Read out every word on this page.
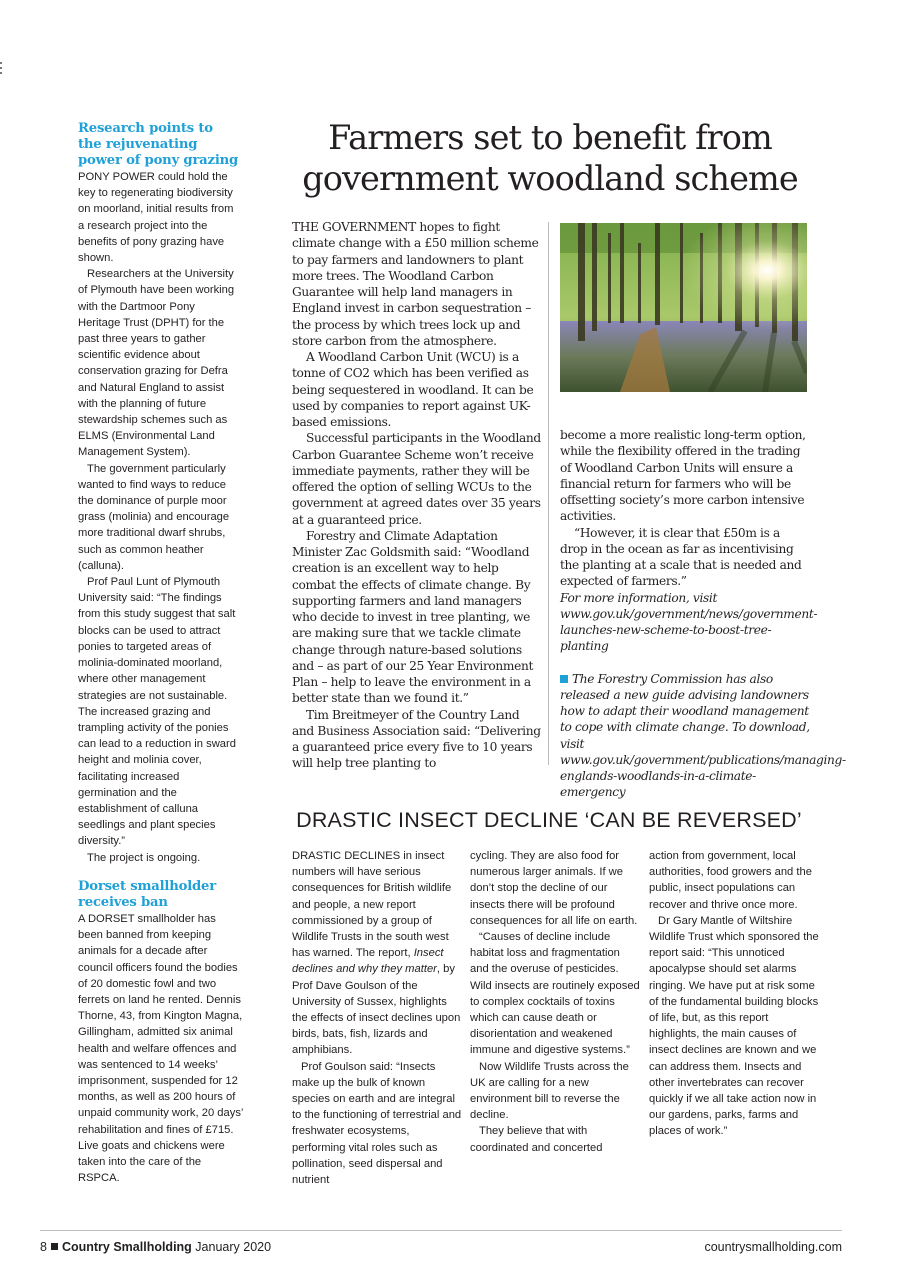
Research points to the rejuvenating power of pony grazing

PONY POWER could hold the key to regenerating biodiversity on moorland, initial results from a research project into the benefits of pony grazing have shown.

Researchers at the University of Plymouth have been working with the Dartmoor Pony Heritage Trust (DPHT) for the past three years to gather scientific evidence about conservation grazing for Defra and Natural England to assist with the planning of future stewardship schemes such as ELMS (Environmental Land Management System).

The government particularly wanted to find ways to reduce the dominance of purple moor grass (molinia) and encourage more traditional dwarf shrubs, such as common heather (calluna).

Prof Paul Lunt of Plymouth University said: “The findings from this study suggest that salt blocks can be used to attract ponies to targeted areas of molinia-dominated moorland, where other management strategies are not sustainable. The increased grazing and trampling activity of the ponies can lead to a reduction in sward height and molinia cover, facilitating increased germination and the establishment of calluna seedlings and plant species diversity.”

The project is ongoing.

Dorset smallholder receives ban

A DORSET smallholder has been banned from keeping animals for a decade after council officers found the bodies of 20 domestic fowl and two ferrets on land he rented. Dennis Thorne, 43, from Kington Magna, Gillingham, admitted six animal health and welfare offences and was sentenced to 14 weeks’ imprisonment, suspended for 12 months, as well as 200 hours of unpaid community work, 20 days’ rehabilitation and fines of £715. Live goats and chickens were taken into the care of the RSPCA.

Farmers set to benefit from
government woodland scheme

THE GOVERNMENT hopes to fight climate change with a £50 million scheme to pay farmers and landowners to plant more trees. The Woodland Carbon Guarantee will help land managers in England invest in carbon sequestration – the process by which trees lock up and store carbon from the atmosphere.

A Woodland Carbon Unit (WCU) is a tonne of CO2 which has been verified as being sequestered in woodland. It can be used by companies to report against UK-based emissions.

Successful participants in the Woodland Carbon Guarantee Scheme won’t receive immediate payments, rather they will be offered the option of selling WCUs to the government at agreed dates over 35 years at a guaranteed price.

Forestry and Climate Adaptation Minister Zac Goldsmith said: “Woodland creation is an excellent way to help combat the effects of climate change. By supporting farmers and land managers who decide to invest in tree planting, we are making sure that we tackle climate change through nature-based solutions and – as part of our 25 Year Environment Plan – help to leave the environment in a better state than we found it.”

Tim Breitmeyer of the Country Land and Business Association said: “Delivering a guaranteed price every five to 10 years will help tree planting to

become a more realistic long-term option, while the flexibility offered in the trading of Woodland Carbon Units will ensure a financial return for farmers who will be offsetting society’s more carbon intensive activities.

“However, it is clear that £50m is a drop in the ocean as far as incentivising the planting at a scale that is needed and expected of farmers.”

For more information, visit www.gov.uk/government/news/government-launches-new-scheme-to-boost-tree-planting

The Forestry Commission has also released a new guide advising landowners how to adapt their woodland management to cope with climate change. To download, visit www.gov.uk/government/publications/managing-englands-woodlands-in-a-climate-emergency

DRASTIC INSECT DECLINE ‘CAN BE REVERSED’

DRASTIC DECLINES in insect numbers will have serious consequences for British wildlife and people, a new report commissioned by a group of Wildlife Trusts in the south west has warned. The report, Insect declines and why they matter, by Prof Dave Goulson of the University of Sussex, highlights the effects of insect declines upon birds, bats, fish, lizards and amphibians.

Prof Goulson said: “Insects make up the bulk of known species on earth and are integral to the functioning of terrestrial and freshwater ecosystems, performing vital roles such as pollination, seed dispersal and nutrient

cycling. They are also food for numerous larger animals. If we don’t stop the decline of our insects there will be profound consequences for all life on earth.

“Causes of decline include habitat loss and fragmentation and the overuse of pesticides. Wild insects are routinely exposed to complex cocktails of toxins which can cause death or disorientation and weakened immune and digestive systems.”

Now Wildlife Trusts across the UK are calling for a new environment bill to reverse the decline.

They believe that with coordinated and concerted

action from government, local authorities, food growers and the public, insect populations can recover and thrive once more.

Dr Gary Mantle of Wiltshire Wildlife Trust which sponsored the report said: “This unnoticed apocalypse should set alarms ringing. We have put at risk some of the fundamental building blocks of life, but, as this report highlights, the main causes of insect declines are known and we can address them. Insects and other invertebrates can recover quickly if we all take action now in our gardens, parks, farms and places of work.”

8 Country Smallholding January 2020	countrysmallholding.com
